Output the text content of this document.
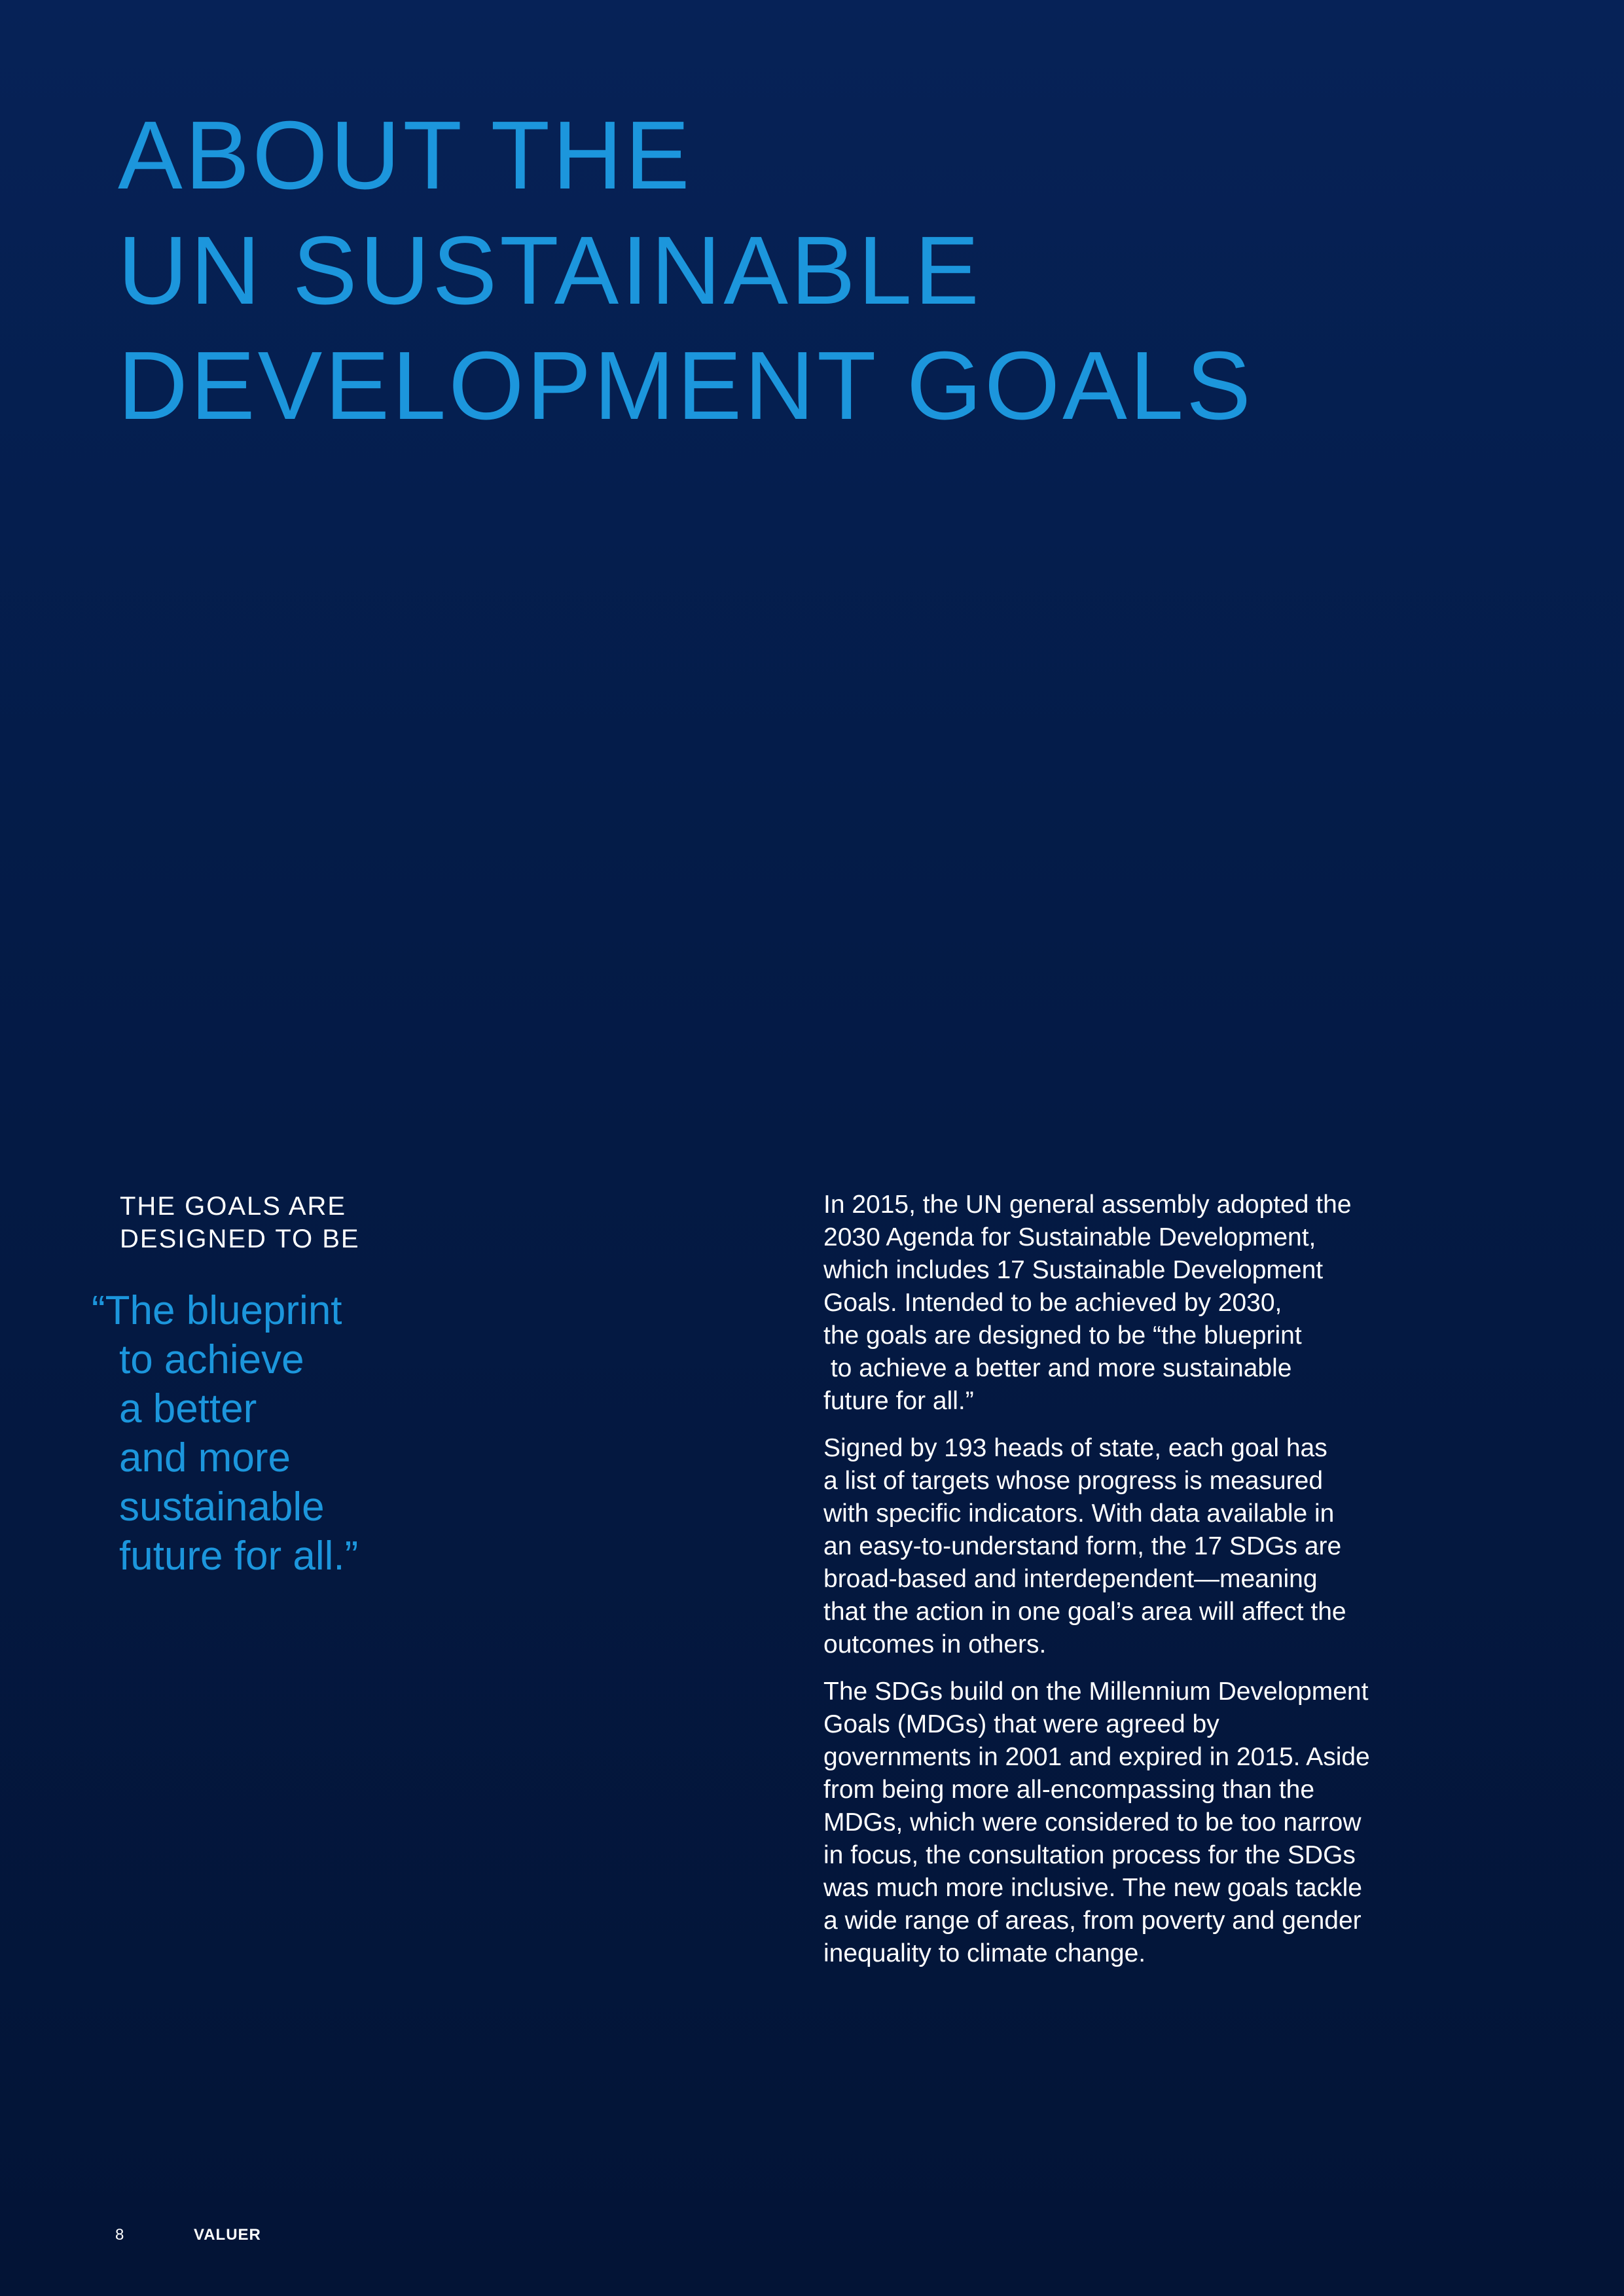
ABOUT THE
UN SUSTAINABLE
DEVELOPMENT GOALS
THE GOALS ARE
DESIGNED TO BE
“The blueprint
to achieve
a better
and more
sustainable
future for all.”

In 2015, the UN general assembly adopted the
2030 Agenda for Sustainable Development,
which includes 17 Sustainable Development
Goals. Intended to be achieved by 2030,
the goals are designed to be “the blueprint
to achieve a better and more sustainable
future for all.”

Signed by 193 heads of state, each goal has
a list of targets whose progress is measured
with specific indicators. With data available in
an easy-to-understand form, the 17 SDGs are
broad-based and interdependent—meaning
that the action in one goal’s area will affect the
outcomes in others.

The SDGs build on the Millennium Development
Goals (MDGs) that were agreed by
governments in 2001 and expired in 2015. Aside
from being more all-encompassing than the
MDGs, which were considered to be too narrow
in focus, the consultation process for the SDGs
was much more inclusive. The new goals tackle
a wide range of areas, from poverty and gender
inequality to climate change.

8	VALUER
